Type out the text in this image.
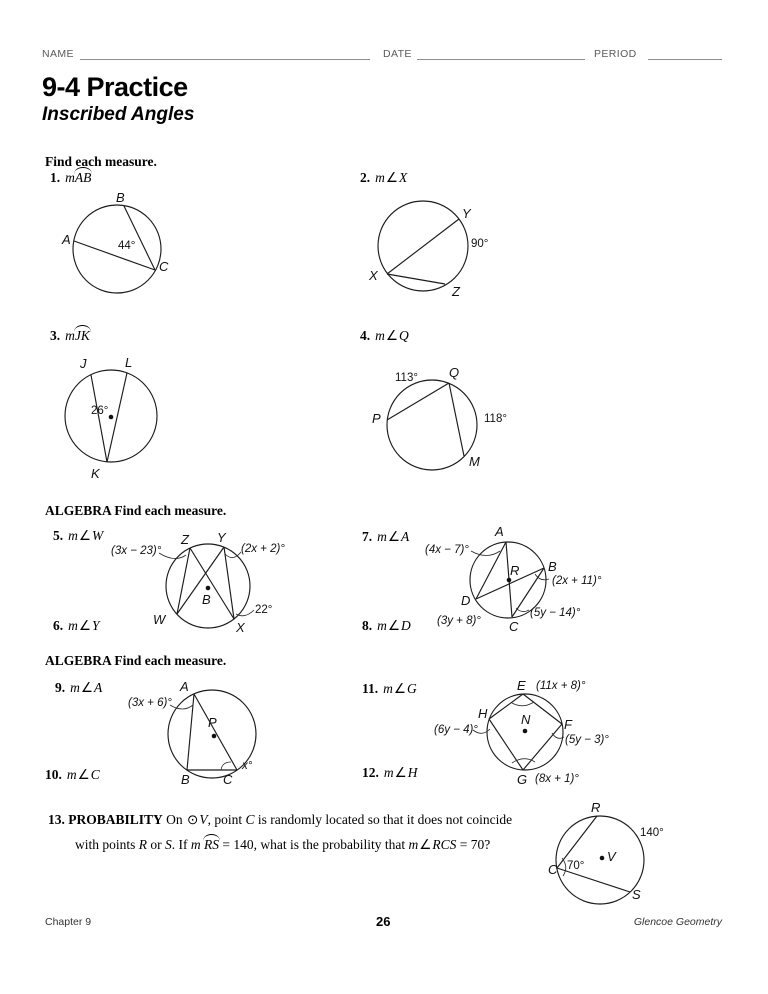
NAME	DATE	PERIOD
9-4 Practice
Inscribed Angles
Find each measure.
1. mAB	2. m∠X
A
B
C
44°
Y
X
Z
90°
3. mJK	4. m∠Q
J	L
K
26°
Q
P
M
113°
118°
ALGEBRA Find each measure.
5. m∠W
6. m∠Y
7. m∠A
8. m∠D
Z Y
W
X
B
(3x − 23)°	(2x + 2)°
22°
A
B
R
D
C
(4x − 7)°
(2x + 11)°
(5y − 14)°
(3y + 8)°
ALGEBRA Find each measure.
9. m∠A
10. m∠C
11. m∠G
12. m∠H
A
P
B	C
(3x + 6)°
x°
E
H	N	F
G
(11x + 8)°
(6y − 4)°
(5y − 3)°
(8x + 1)°
13. PROBABILITY On ⊙V, point C is randomly located so that it does not coincide
with points R or S. If m RS = 140, what is the probability that m∠RCS = 70?
R
C
S
V
140°
70°
Chapter 9	26	Glencoe Geometry
